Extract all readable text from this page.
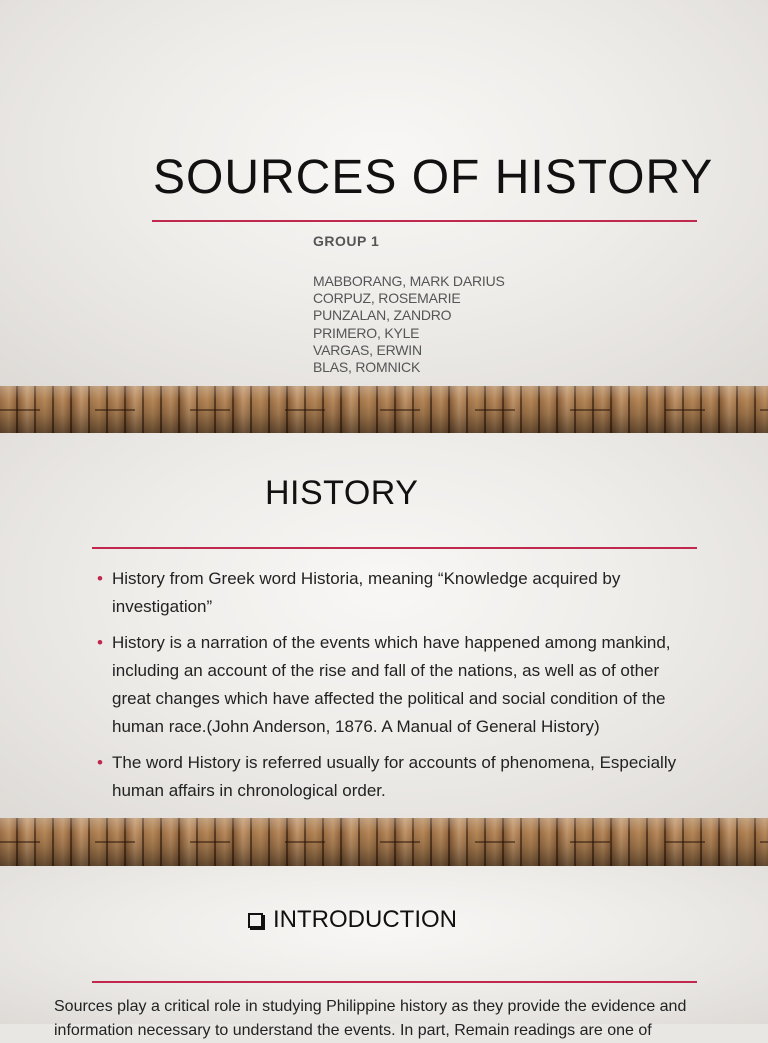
SOURCES OF HISTORY
GROUP 1
MABBORANG, MARK DARIUS
CORPUZ, ROSEMARIE
PUNZALAN, ZANDRO
PRIMERO, KYLE
VARGAS, ERWIN
BLAS, ROMNICK
HISTORY
• History from Greek word Historia, meaning “Knowledge acquired by investigation”
• History is a narration of the events which have happened among mankind, including an account of the rise and fall of the nations, as well as of other great changes which have affected the political and social condition of the human race.(John Anderson, 1876. A Manual of General History)
• The word History is referred usually for accounts of phenomena, Especially human affairs in chronological order.
INTRODUCTION

Sources play a critical role in studying Philippine history as they provide the evidence and information necessary to understand the events. In part, Remain readings are one of
